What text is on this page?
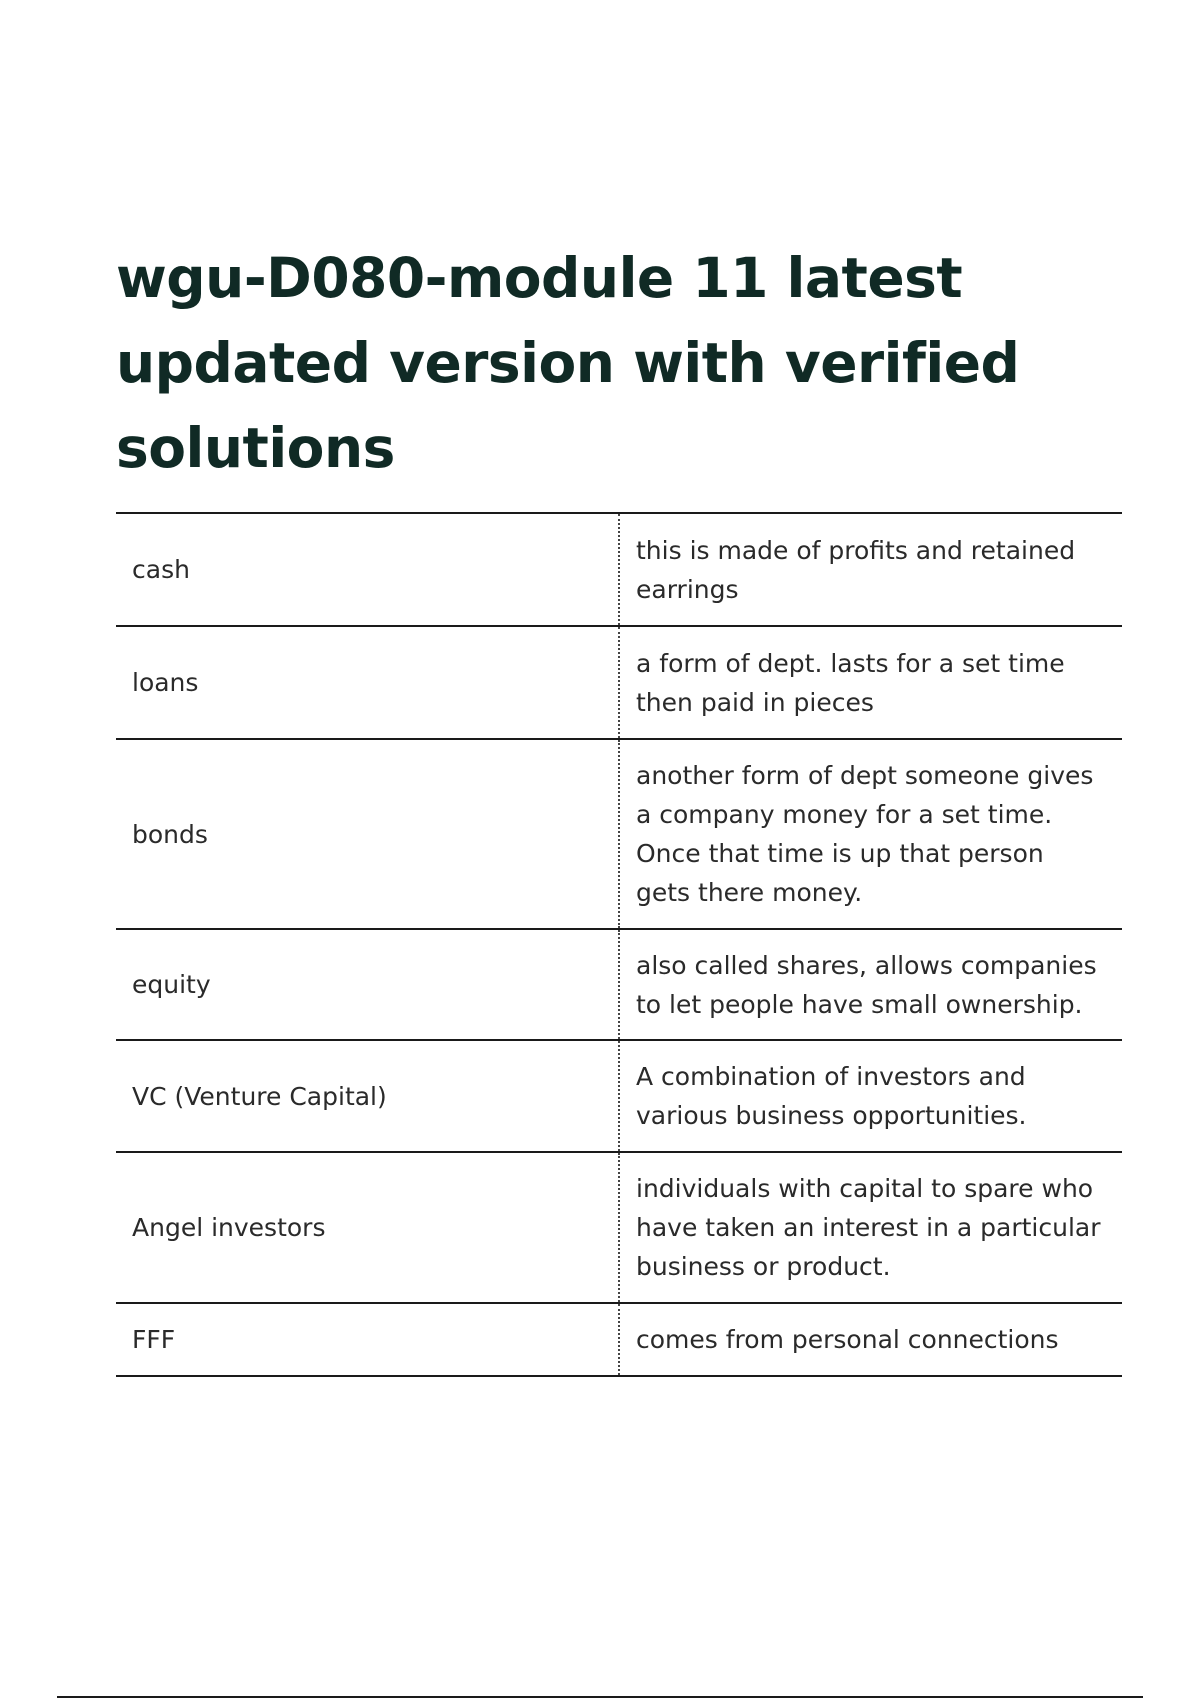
wgu-D080-module 11 latest updated version with verified solutions
cash	this is made of profits and retained earrings
loans	a form of dept. lasts for a set time then paid in pieces
bonds	another form of dept someone gives a company money for a set time. Once that time is up that person gets there money.
equity	also called shares, allows companies to let people have small ownership.
VC (Venture Capital)	A combination of investors and various business opportunities.
Angel investors	individuals with capital to spare who have taken an interest in a particular business or product.
FFF	comes from personal connections
